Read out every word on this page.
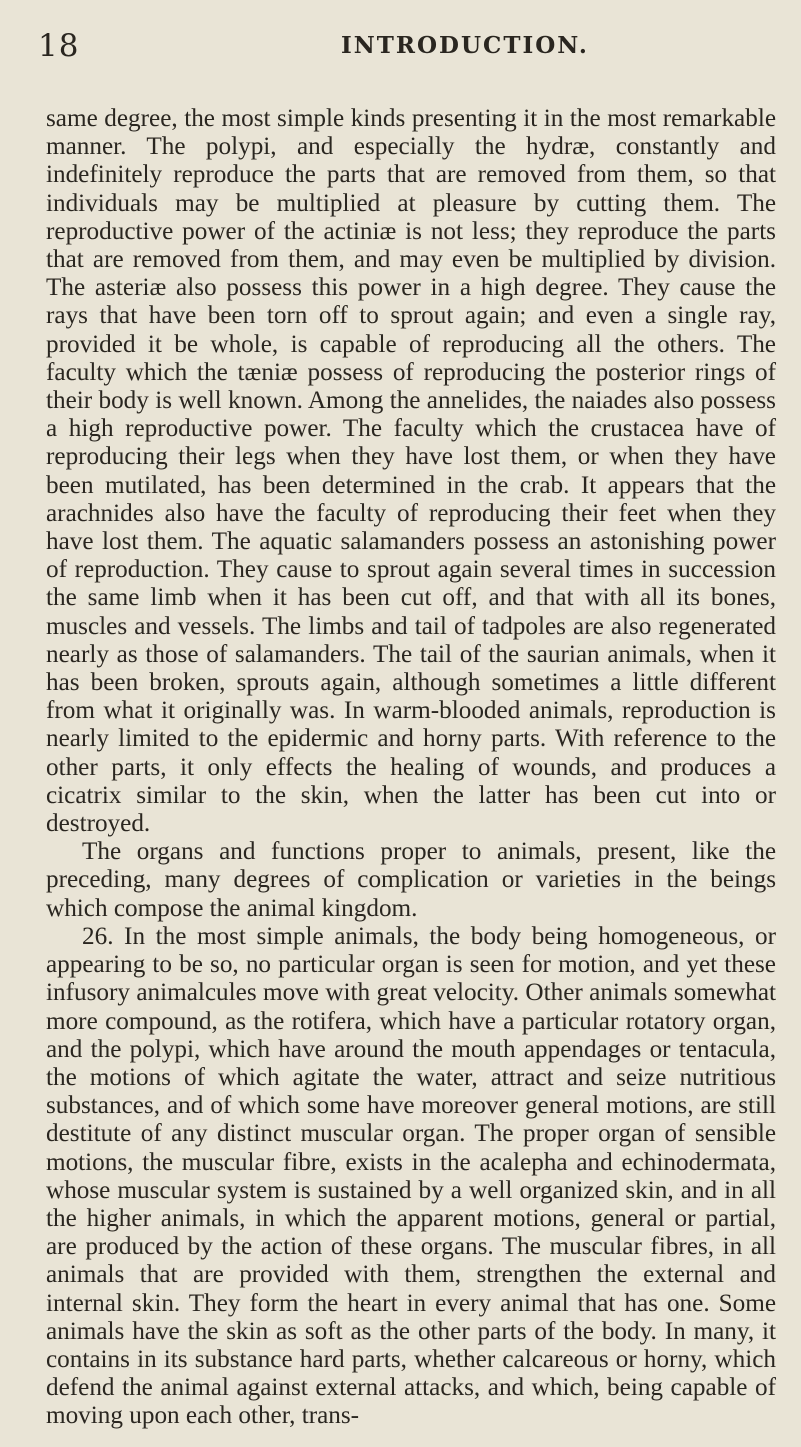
18	INTRODUCTION.

same degree, the most simple kinds presenting it in the most remarkable manner. The polypi, and especially the hydræ, constantly and indefinitely reproduce the parts that are removed from them, so that individuals may be multiplied at pleasure by cutting them. The reproductive power of the actiniæ is not less; they reproduce the parts that are removed from them, and may even be multiplied by division. The asteriæ also possess this power in a high degree. They cause the rays that have been torn off to sprout again; and even a single ray, provided it be whole, is capable of reproducing all the others. The faculty which the tæniæ possess of reproducing the posterior rings of their body is well known. Among the annelides, the naiades also possess a high reproductive power. The faculty which the crustacea have of reproducing their legs when they have lost them, or when they have been mutilated, has been determined in the crab. It appears that the arachnides also have the faculty of reproducing their feet when they have lost them. The aquatic salamanders possess an astonishing power of reproduction. They cause to sprout again several times in succession the same limb when it has been cut off, and that with all its bones, muscles and vessels. The limbs and tail of tadpoles are also regenerated nearly as those of salamanders. The tail of the saurian animals, when it has been broken, sprouts again, although sometimes a little different from what it originally was. In warm-blooded animals, reproduction is nearly limited to the epidermic and horny parts. With reference to the other parts, it only effects the healing of wounds, and produces a cicatrix similar to the skin, when the latter has been cut into or destroyed.

The organs and functions proper to animals, present, like the preceding, many degrees of complication or varieties in the beings which compose the animal kingdom.

26. In the most simple animals, the body being homogeneous, or appearing to be so, no particular organ is seen for motion, and yet these infusory animalcules move with great velocity. Other animals somewhat more compound, as the rotifera, which have a particular rotatory organ, and the polypi, which have around the mouth appendages or tentacula, the motions of which agitate the water, attract and seize nutritious substances, and of which some have moreover general motions, are still destitute of any distinct muscular organ. The proper organ of sensible motions, the muscular fibre, exists in the acalepha and echinodermata, whose muscular system is sustained by a well organized skin, and in all the higher animals, in which the apparent motions, general or partial, are produced by the action of these organs. The muscular fibres, in all animals that are provided with them, strengthen the external and internal skin. They form the heart in every animal that has one. Some animals have the skin as soft as the other parts of the body. In many, it contains in its substance hard parts, whether calcareous or horny, which defend the animal against external attacks, and which, being capable of moving upon each other, trans-
